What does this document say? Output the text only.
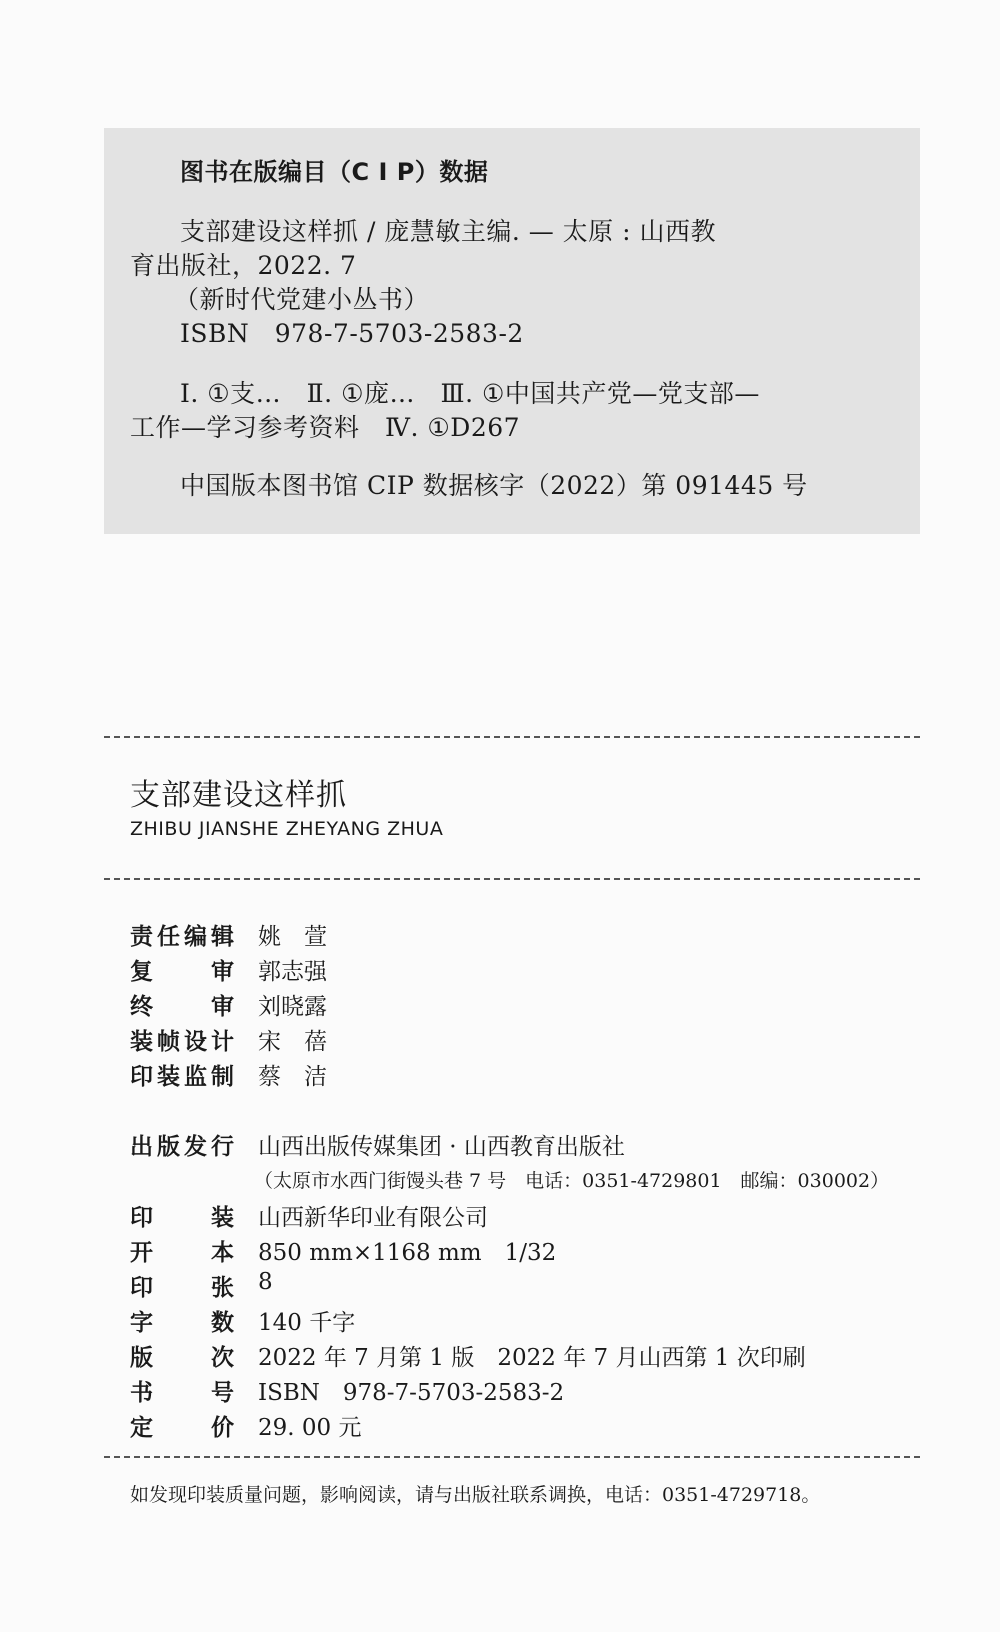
图书在版编目（C I P）数据
支部建设这样抓 / 庞慧敏主编. — 太原 : 山西教
育出版社，2022. 7
（新时代党建小丛书）
ISBN　978-7-5703-2583-2
Ⅰ. ①支…　Ⅱ. ①庞…　Ⅲ. ①中国共产党—党支部—
工作—学习参考资料　Ⅳ. ①D267
中国版本图书馆 CIP 数据核字（2022）第 091445 号
支部建设这样抓
ZHIBU JIANSHE ZHEYANG ZHUA
责 任 编 辑 姚　萱
复	审 郭志强
终	审 刘晓露
装 帧 设 计 宋　蓓
印 装 监 制 蔡　洁
出 版 发 行 山西出版传媒集团 · 山西教育出版社
（太原市水西门街馒头巷 7 号　电话：0351-4729801　邮编：030002）
印	装 山西新华印业有限公司
开	本 850 mm×1168 mm　1/32
印	张 8
字	数 140 千字
版	次 2022 年 7 月第 1 版　2022 年 7 月山西第 1 次印刷
书	号 ISBN　978-7-5703-2583-2
定	价 29. 00 元
如发现印装质量问题，影响阅读，请与出版社联系调换，电话：0351-4729718。
